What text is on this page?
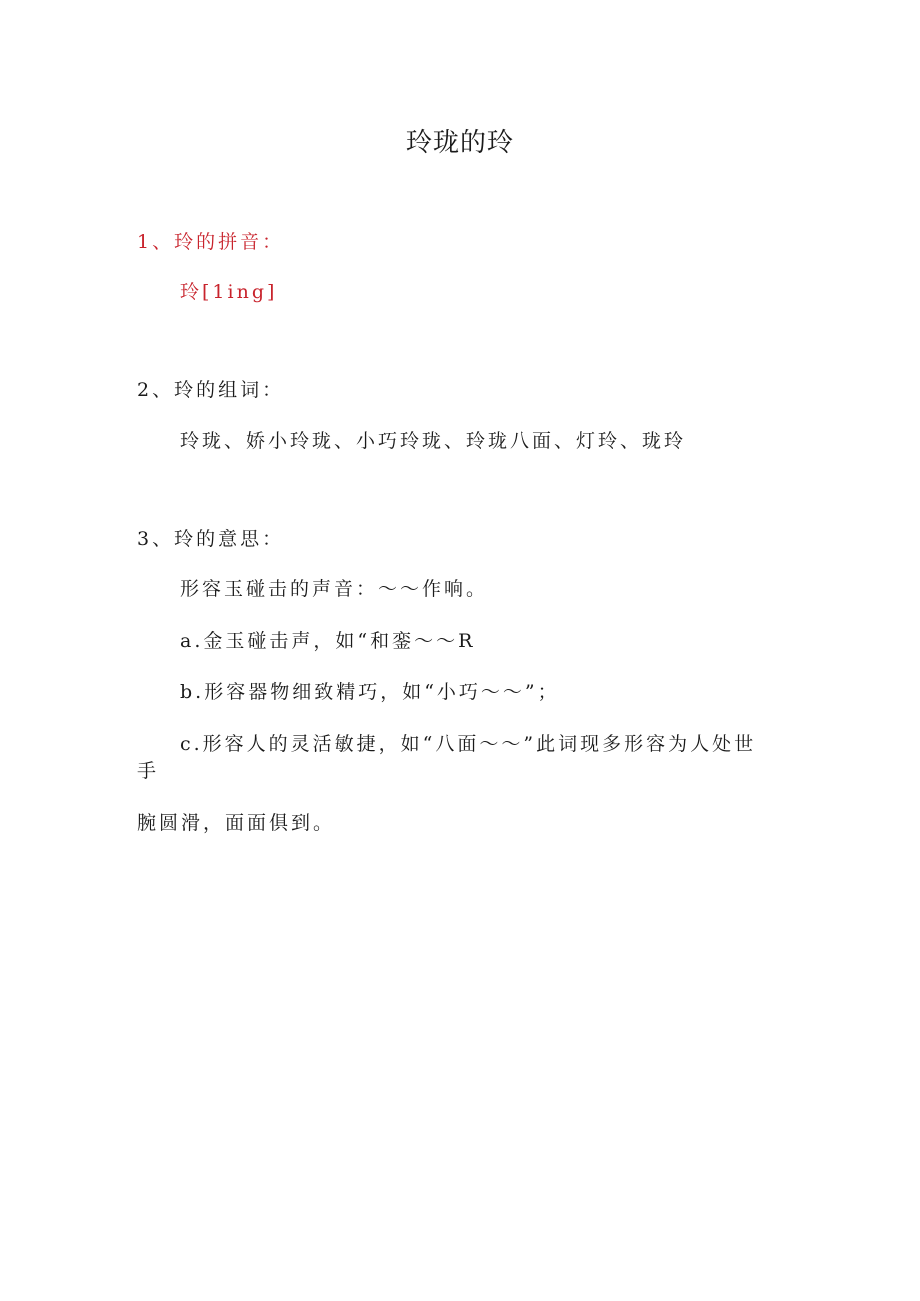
玲珑的玲
1、玲的拼音：
玲[1ing]
2、玲的组词：
玲珑、娇小玲珑、小巧玲珑、玲珑八面、灯玲、珑玲
3、玲的意思：
形容玉碰击的声音：～～作响。
a.金玉碰击声，如“和銮～～R
b.形容器物细致精巧，如“小巧～～”；
c.形容人的灵活敏捷，如“八面～～”此词现多形容为人处世
手
腕圆滑，面面俱到。
